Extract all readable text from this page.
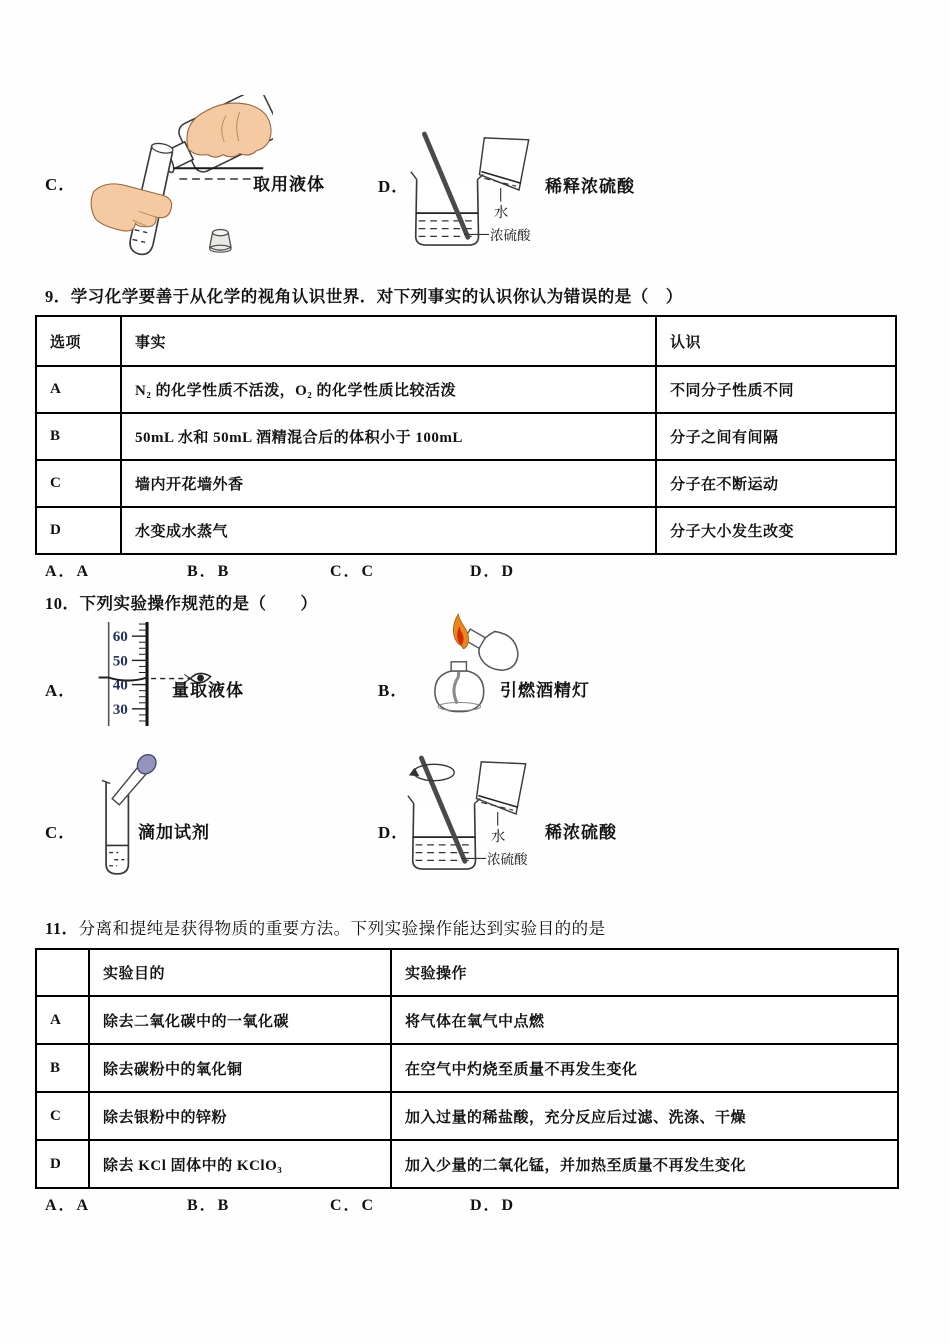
C．	取用液体	D．
水
浓硫酸
稀释浓硫酸
9．学习化学要善于从化学的视角认识世界．对下列事实的认识你认为错误的是（　）
选项	事实	认识
A	N₂ 的化学性质不活泼，O₂ 的化学性质比较活泼	不同分子性质不同
B	50mL 水和 50mL 酒精混合后的体积小于 100mL	分子之间有间隔
C	墙内开花墙外香	分子在不断运动
D	水变成水蒸气	分子大小发生改变
A．A	B．B	C．C	D．D
10．下列实验操作规范的是（　　）
A．
60
50
40
30
量取液体	B．	引燃酒精灯
C．	滴加试剂	D．	水
浓硫酸
稀浓硫酸
11．分离和提纯是获得物质的重要方法。下列实验操作能达到实验目的的是
	实验目的	实验操作
A	除去二氧化碳中的一氧化碳	将气体在氧气中点燃
B	除去碳粉中的氧化铜	在空气中灼烧至质量不再发生变化
C	除去银粉中的锌粉	加入过量的稀盐酸，充分反应后过滤、洗涤、干燥
D	除去 KCl 固体中的 KClO₃	加入少量的二氧化锰，并加热至质量不再发生变化
A．A	B．B	C．C	D．D
